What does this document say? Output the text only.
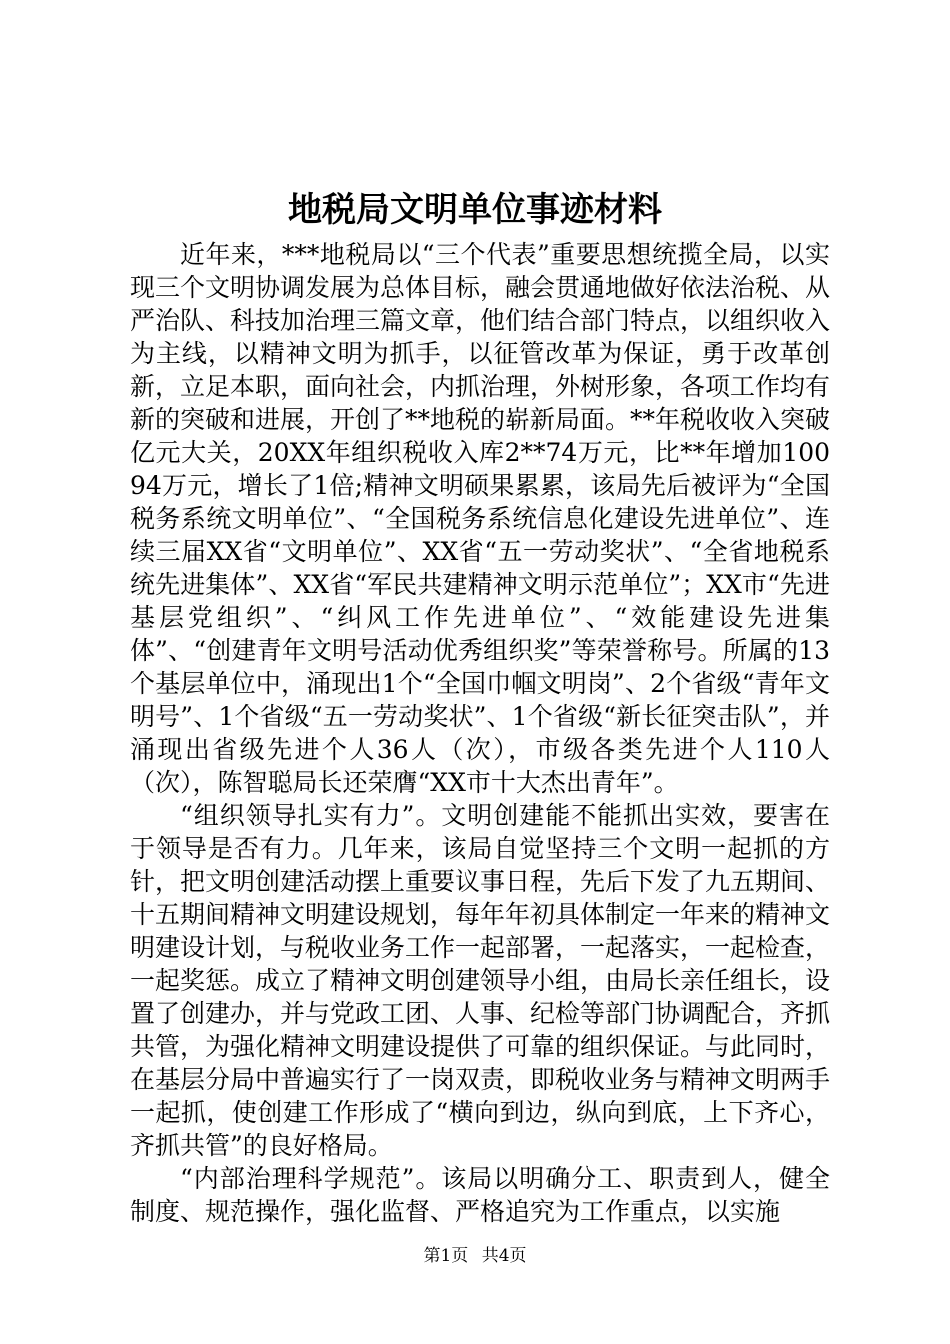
地税局文明单位事迹材料

近年来，***地税局以“三个代表”重要思想统揽全局，以实现三个文明协调发展为总体目标，融会贯通地做好依法治税、从严治队、科技加治理三篇文章，他们结合部门特点，以组织收入为主线，以精神文明为抓手，以征管改革为保证，勇于改革创新，立足本职，面向社会，内抓治理，外树形象，各项工作均有新的突破和进展，开创了**地税的崭新局面。**年税收收入突破亿元大关，20XX年组织税收入库2**74万元，比**年增加10094万元，增长了1倍;精神文明硕果累累，该局先后被评为“全国税务系统文明单位”、“全国税务系统信息化建设先进单位”、连续三届XX省“文明单位”、XX省“五一劳动奖状”、“全省地税系统先进集体”、XX省“军民共建精神文明示范单位”；XX市“先进基层党组织”、“纠风工作先进单位”、“效能建设先进集体”、“创建青年文明号活动优秀组织奖”等荣誉称号。所属的13个基层单位中，涌现出1个“全国巾帼文明岗”、2个省级“青年文明号”、1个省级“五一劳动奖状”、1个省级“新长征突击队”，并涌现出省级先进个人36人（次），市级各类先进个人110人（次），陈智聪局长还荣膺“XX市十大杰出青年”。

“组织领导扎实有力”。文明创建能不能抓出实效，要害在于领导是否有力。几年来，该局自觉坚持三个文明一起抓的方针，把文明创建活动摆上重要议事日程，先后下发了九五期间、十五期间精神文明建设规划，每年年初具体制定一年来的精神文明建设计划，与税收业务工作一起部署，一起落实，一起检查，一起奖惩。成立了精神文明创建领导小组，由局长亲任组长，设置了创建办，并与党政工团、人事、纪检等部门协调配合，齐抓共管，为强化精神文明建设提供了可靠的组织保证。与此同时，在基层分局中普遍实行了一岗双责，即税收业务与精神文明两手一起抓，使创建工作形成了“横向到边，纵向到底，上下齐心，齐抓共管”的良好格局。

“内部治理科学规范”。该局以明确分工、职责到人，健全制度、规范操作，强化监督、严格追究为工作重点，以实施

第1页 共4页
